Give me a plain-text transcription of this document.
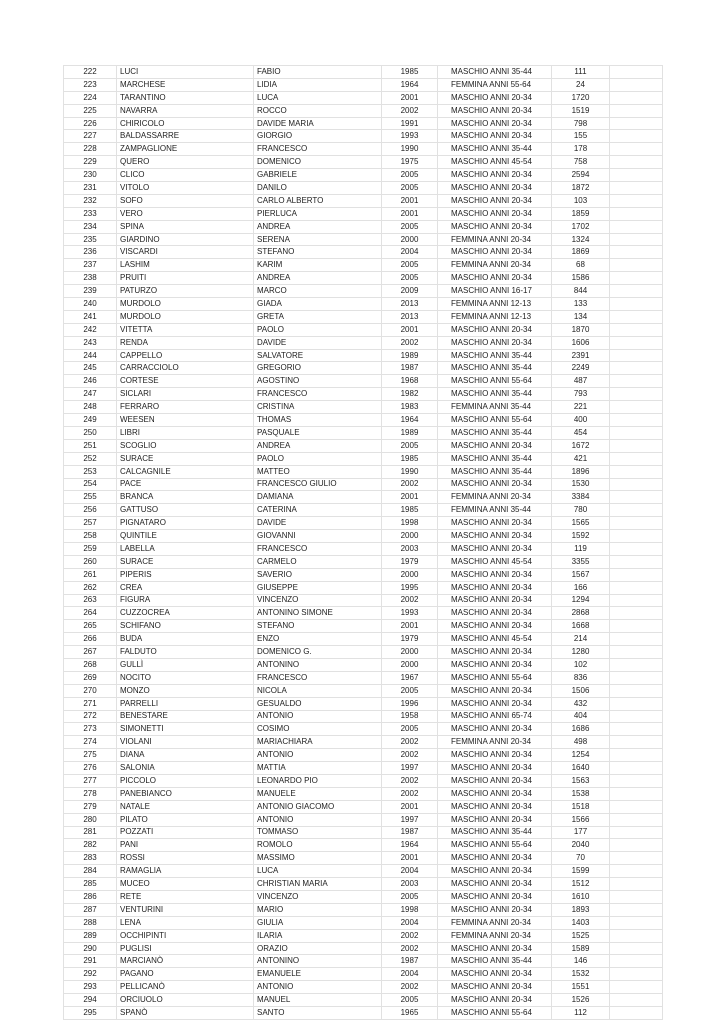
222	LUCI	FABIO	1985	MASCHIO ANNI 35-44	111	
223	MARCHESE	LIDIA	1964	FEMMINA ANNI 55-64	24	
224	TARANTINO	LUCA	2001	MASCHIO ANNI 20-34	1720	
225	NAVARRA	ROCCO	2002	MASCHIO ANNI 20-34	1519	
226	CHIRICOLO	DAVIDE MARIA	1991	MASCHIO ANNI 20-34	798	
227	BALDASSARRE	GIORGIO	1993	MASCHIO ANNI 20-34	155	
228	ZAMPAGLIONE	FRANCESCO	1990	MASCHIO ANNI 35-44	178	
229	QUERO	DOMENICO	1975	MASCHIO ANNI 45-54	758	
230	CLICO	GABRIELE	2005	MASCHIO ANNI 20-34	2594	
231	VITOLO	DANILO	2005	MASCHIO ANNI 20-34	1872	
232	SOFO	CARLO ALBERTO	2001	MASCHIO ANNI 20-34	103	
233	VERO	PIERLUCA	2001	MASCHIO ANNI 20-34	1859	
234	SPINA	ANDREA	2005	MASCHIO ANNI 20-34	1702	
235	GIARDINO	SERENA	2000	FEMMINA ANNI 20-34	1324	
236	VISCARDI	STEFANO	2004	MASCHIO ANNI 20-34	1869	
237	LASHIM	KARIM	2005	FEMMINA ANNI 20-34	68	
238	PRUITI	ANDREA	2005	MASCHIO ANNI 20-34	1586	
239	PATURZO	MARCO	2009	MASCHIO ANNI 16-17	844	
240	MURDOLO	GIADA	2013	FEMMINA ANNI 12-13	133	
241	MURDOLO	GRETA	2013	FEMMINA ANNI 12-13	134	
242	VITETTA	PAOLO	2001	MASCHIO ANNI 20-34	1870	
243	RENDA	DAVIDE	2002	MASCHIO ANNI 20-34	1606	
244	CAPPELLO	SALVATORE	1989	MASCHIO ANNI 35-44	2391	
245	CARRACCIOLO	GREGORIO	1987	MASCHIO ANNI 35-44	2249	
246	CORTESE	AGOSTINO	1968	MASCHIO ANNI 55-64	487	
247	SICLARI	FRANCESCO	1982	MASCHIO ANNI 35-44	793	
248	FERRARO	CRISTINA	1983	FEMMINA ANNI 35-44	221	
249	WEESEN	THOMAS	1964	MASCHIO ANNI 55-64	400	
250	LIBRI	PASQUALE	1989	MASCHIO ANNI 35-44	454	
251	SCOGLIO	ANDREA	2005	MASCHIO ANNI 20-34	1672	
252	SURACE	PAOLO	1985	MASCHIO ANNI 35-44	421	
253	CALCAGNILE	MATTEO	1990	MASCHIO ANNI 35-44	1896	
254	PACE	FRANCESCO GIULIO	2002	MASCHIO ANNI 20-34	1530	
255	BRANCA	DAMIANA	2001	FEMMINA ANNI 20-34	3384	
256	GATTUSO	CATERINA	1985	FEMMINA ANNI 35-44	780	
257	PIGNATARO	DAVIDE	1998	MASCHIO ANNI 20-34	1565	
258	QUINTILE	GIOVANNI	2000	MASCHIO ANNI 20-34	1592	
259	LABELLA	FRANCESCO	2003	MASCHIO ANNI 20-34	119	
260	SURACE	CARMELO	1979	MASCHIO ANNI 45-54	3355	
261	PIPERIS	SAVERIO	2000	MASCHIO ANNI 20-34	1567	
262	CREA	GIUSEPPE	1995	MASCHIO ANNI 20-34	166	
263	FIGURA	VINCENZO	2002	MASCHIO ANNI 20-34	1294	
264	CUZZOCREA	ANTONINO SIMONE	1993	MASCHIO ANNI 20-34	2868	
265	SCHIFANO	STEFANO	2001	MASCHIO ANNI 20-34	1668	
266	BUDA	ENZO	1979	MASCHIO ANNI 45-54	214	
267	FALDUTO	DOMENICO G.	2000	MASCHIO ANNI 20-34	1280	
268	GULLÌ	ANTONINO	2000	MASCHIO ANNI 20-34	102	
269	NOCITO	FRANCESCO	1967	MASCHIO ANNI 55-64	836	
270	MONZO	NICOLA	2005	MASCHIO ANNI 20-34	1506	
271	PARRELLI	GESUALDO	1996	MASCHIO ANNI 20-34	432	
272	BENESTARE	ANTONIO	1958	MASCHIO ANNI 65-74	404	
273	SIMONETTI	COSIMO	2005	MASCHIO ANNI 20-34	1686	
274	VIOLANI	MARIACHIARA	2002	FEMMINA ANNI 20-34	498	
275	DIANA	ANTONIO	2002	MASCHIO ANNI 20-34	1254	
276	SALONIA	MATTIA	1997	MASCHIO ANNI 20-34	1640	
277	PICCOLO	LEONARDO PIO	2002	MASCHIO ANNI 20-34	1563	
278	PANEBIANCO	MANUELE	2002	MASCHIO ANNI 20-34	1538	
279	NATALE	ANTONIO GIACOMO	2001	MASCHIO ANNI 20-34	1518	
280	PILATO	ANTONIO	1997	MASCHIO ANNI 20-34	1566	
281	POZZATI	TOMMASO	1987	MASCHIO ANNI 35-44	177	
282	PANI	ROMOLO	1964	MASCHIO ANNI 55-64	2040	
283	ROSSI	MASSIMO	2001	MASCHIO ANNI 20-34	70	
284	RAMAGLIA	LUCA	2004	MASCHIO ANNI 20-34	1599	
285	MUCEO	CHRISTIAN MARIA	2003	MASCHIO ANNI 20-34	1512	
286	RETE	VINCENZO	2005	MASCHIO ANNI 20-34	1610	
287	VENTURINI	MARIO	1998	MASCHIO ANNI 20-34	1893	
288	LENA	GIULIA	2004	FEMMINA ANNI 20-34	1403	
289	OCCHIPINTI	ILARIA	2002	FEMMINA ANNI 20-34	1525	
290	PUGLISI	ORAZIO	2002	MASCHIO ANNI 20-34	1589	
291	MARCIANÒ	ANTONINO	1987	MASCHIO ANNI 35-44	146	
292	PAGANO	EMANUELE	2004	MASCHIO ANNI 20-34	1532	
293	PELLICANÒ	ANTONIO	2002	MASCHIO ANNI 20-34	1551	
294	ORCIUOLO	MANUEL	2005	MASCHIO ANNI 20-34	1526	
295	SPANÒ	SANTO	1965	MASCHIO ANNI 55-64	112	
